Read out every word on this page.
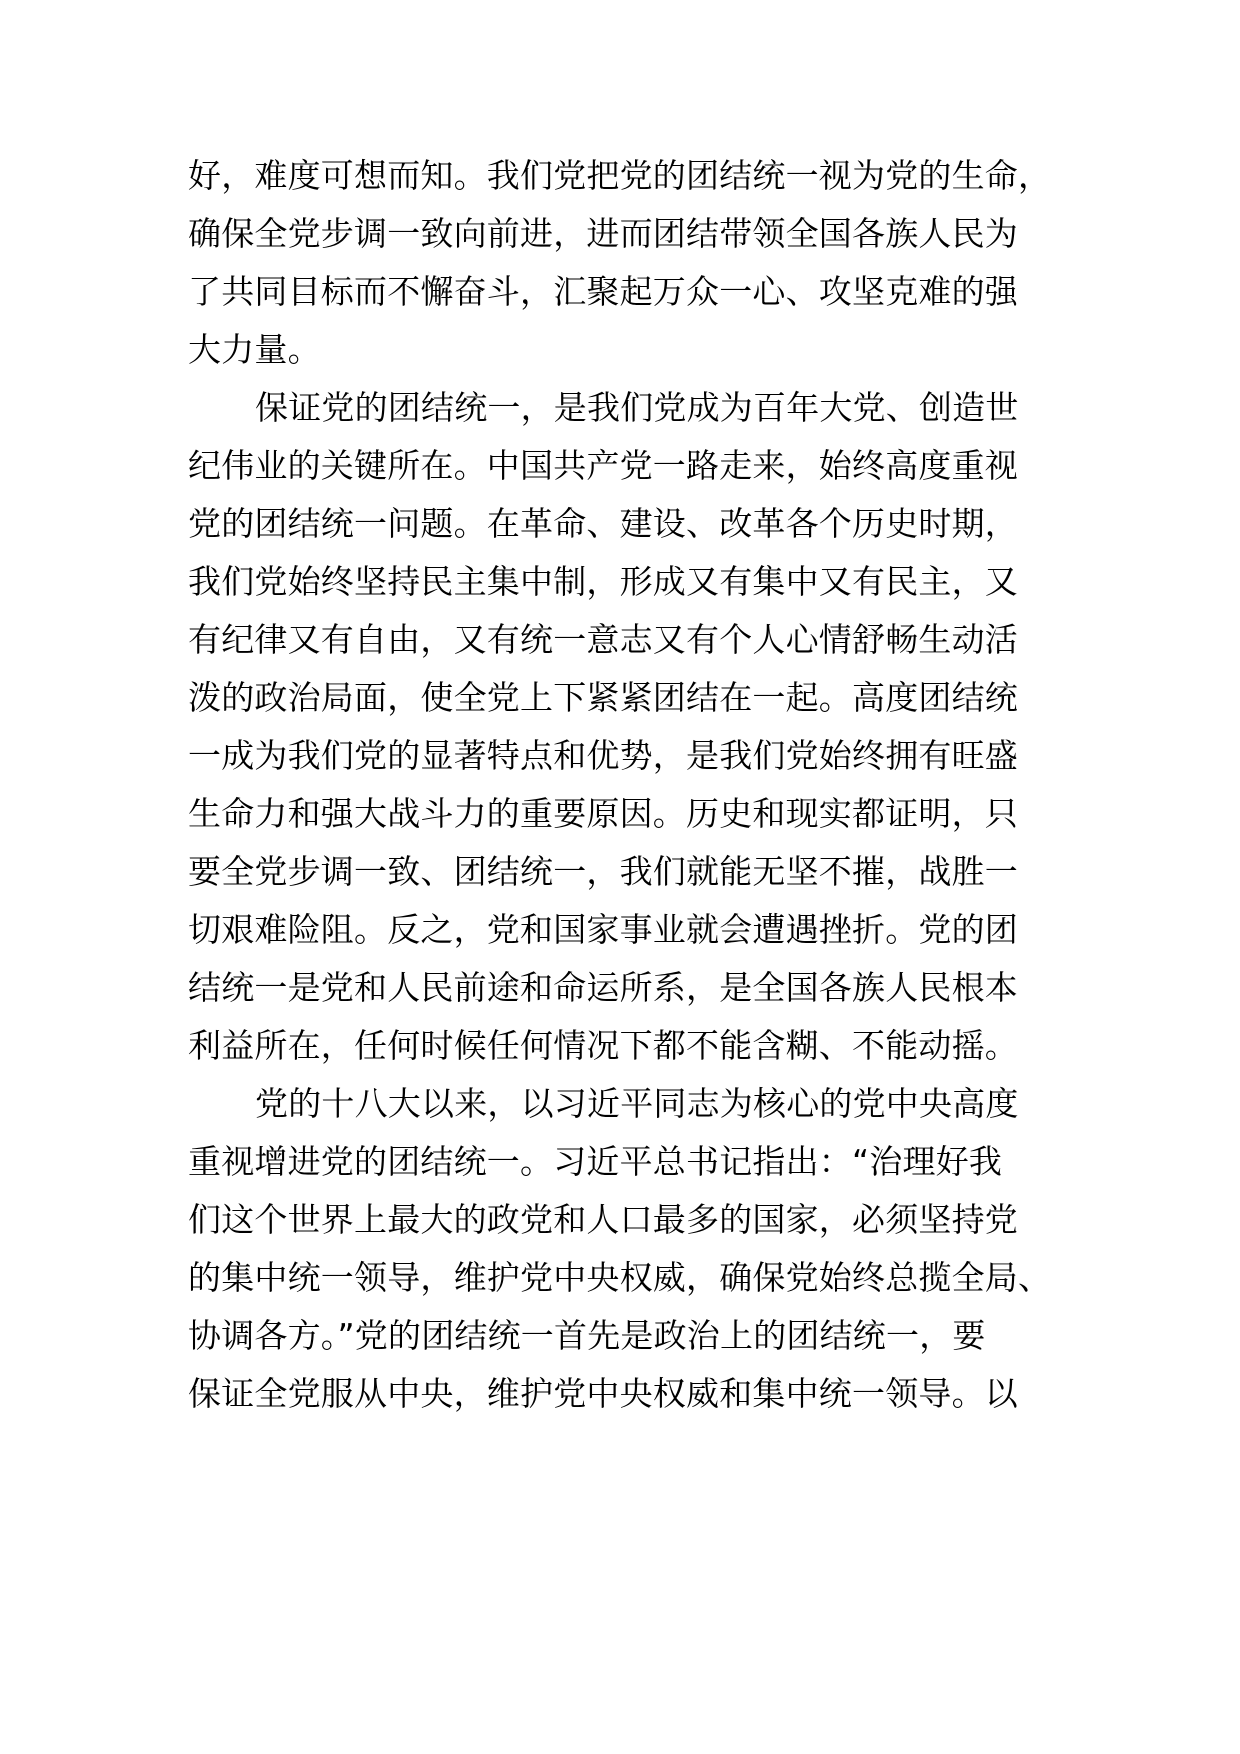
好，难度可想而知。我们党把党的团结统一视为党的生命，
确保全党步调一致向前进，进而团结带领全国各族人民为
了共同目标而不懈奋斗，汇聚起万众一心、攻坚克难的强
大力量。
保证党的团结统一，是我们党成为百年大党、创造世
纪伟业的关键所在。中国共产党一路走来，始终高度重视
党的团结统一问题。在革命、建设、改革各个历史时期，
我们党始终坚持民主集中制，形成又有集中又有民主，又
有纪律又有自由，又有统一意志又有个人心情舒畅生动活
泼的政治局面，使全党上下紧紧团结在一起。高度团结统
一成为我们党的显著特点和优势，是我们党始终拥有旺盛
生命力和强大战斗力的重要原因。历史和现实都证明，只
要全党步调一致、团结统一，我们就能无坚不摧，战胜一
切艰难险阻。反之，党和国家事业就会遭遇挫折。党的团
结统一是党和人民前途和命运所系，是全国各族人民根本
利益所在，任何时候任何情况下都不能含糊、不能动摇。
党的十八大以来，以习近平同志为核心的党中央高度
重视增进党的团结统一。习近平总书记指出：“治理好我
们这个世界上最大的政党和人口最多的国家，必须坚持党
的集中统一领导，维护党中央权威，确保党始终总揽全局、
协调各方。”党的团结统一首先是政治上的团结统一，要
保证全党服从中央，维护党中央权威和集中统一领导。以
